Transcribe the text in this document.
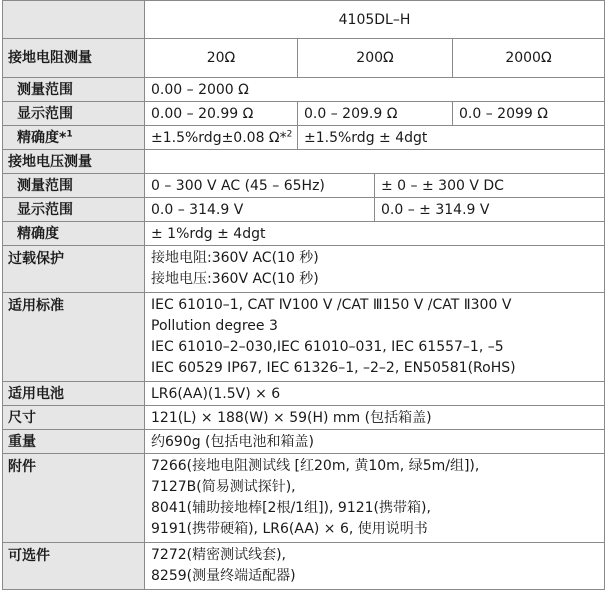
	4105DL–H			
接地电阻测量	20Ω	200Ω		2000Ω
测量范围	0.00 – 2000 Ω			
显示范围	0.00 – 20.99 Ω	0.0 – 209.9 Ω		0.0 – 2099 Ω
精确度*$^1$	±1.5%rdg±0.08 Ω*$^2$	±1.5%rdg ± 4dgt		
接地电压测量				
测量范围	0 – 300 V AC (45 – 65Hz)		± 0 – ± 300 V DC	
显示范围	0.0 – 314.9 V		0.0 – ± 314.9 V	
精确度	± 1%rdg ± 4dgt			
过载保护	接地电阻:360V AC(10 秒)
接地电压:360V AC(10 秒)			

适用标准	IEC 61010–1, CAT Ⅳ100 V /CAT Ⅲ150 V /CAT Ⅱ300 V
Pollution degree 3
IEC 61010–2–030,IEC 61010–031, IEC 61557–1, –5
IEC 60529 IP67, IEC 61326–1, –2–2, EN50581(RoHS)			

适用电池	LR6(AA)(1.5V) × 6			
尺寸	121(L) × 188(W) × 59(H) mm (包括箱盖)			
重量	约690g (包括电池和箱盖)			
附件	7266(接地电阻测试线 [红20m, 黄10m, 绿5m/组]),
7127B(简易测试探针),
8041(辅助接地棒[2根/1组]), 9121(携带箱),
9191(携带硬箱), LR6(AA) × 6, 使用说明书			

可选件	7272(精密测试线套),
8259(测量终端适配器)			
